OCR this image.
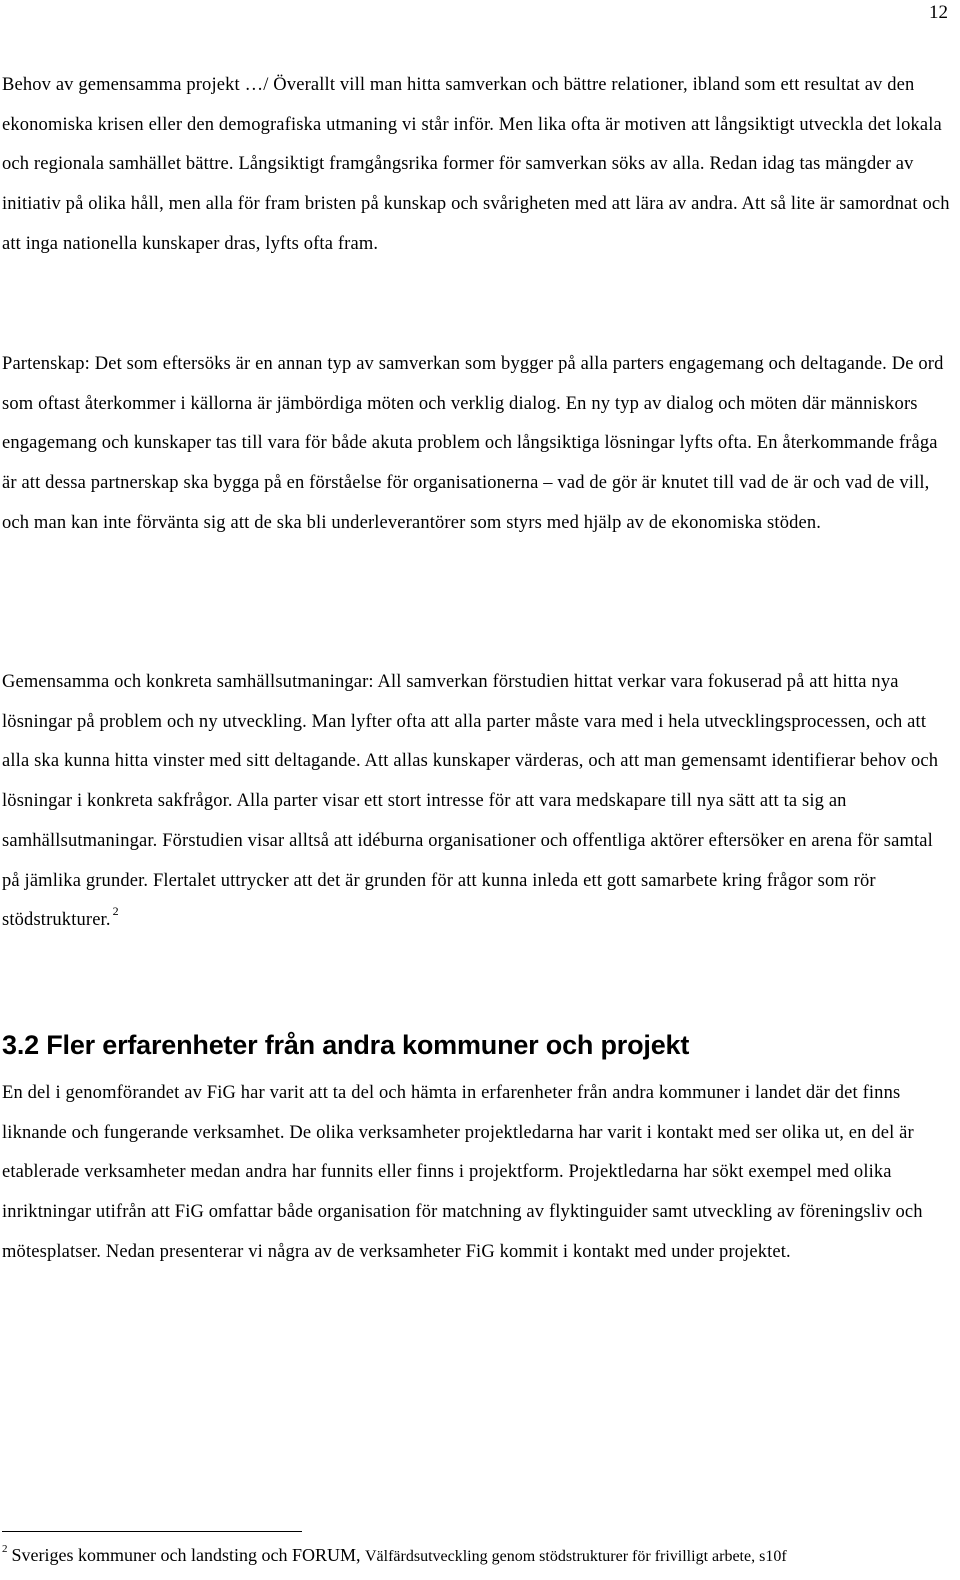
12

Behov av gemensamma projekt …/ Överallt vill man hitta samverkan och bättre relationer, ibland som ett resultat av den ekonomiska krisen eller den demografiska utmaning vi står inför. Men lika ofta är motiven att långsiktigt utveckla det lokala och regionala samhället bättre. Långsiktigt framgångsrika former för samverkan söks av alla. Redan idag tas mängder av initiativ på olika håll, men alla för fram bristen på kunskap och svårigheten med att lära av andra. Att så lite är samordnat och att inga nationella kunskaper dras, lyfts ofta fram.

Partenskap: Det som eftersöks är en annan typ av samverkan som bygger på alla parters engagemang och deltagande. De ord som oftast återkommer i källorna är jämbördiga möten och verklig dialog. En ny typ av dialog och möten där människors engagemang och kunskaper tas till vara för både akuta problem och långsiktiga lösningar lyfts ofta. En återkommande fråga är att dessa partnerskap ska bygga på en förståelse för organisationerna – vad de gör är knutet till vad de är och vad de vill, och man kan inte förvänta sig att de ska bli underleverantörer som styrs med hjälp av de ekonomiska stöden.

Gemensamma och konkreta samhällsutmaningar: All samverkan förstudien hittat verkar vara fokuserad på att hitta nya lösningar på problem och ny utveckling. Man lyfter ofta att alla parter måste vara med i hela utvecklingsprocessen, och att alla ska kunna hitta vinster med sitt deltagande. Att allas kunskaper värderas, och att man gemensamt identifierar behov och lösningar i konkreta sakfrågor. Alla parter visar ett stort intresse för att vara medskapare till nya sätt att ta sig an samhällsutmaningar. Förstudien visar alltså att idéburna organisationer och offentliga aktörer eftersöker en arena för samtal på jämlika grunder. Flertalet uttrycker att det är grunden för att kunna inleda ett gott samarbete kring frågor som rör stödstrukturer. $^2$

3.2 Fler erfarenheter från andra kommuner och projekt

En del i genomförandet av FiG har varit att ta del och hämta in erfarenheter från andra kommuner i landet där det finns liknande och fungerande verksamhet. De olika verksamheter projektledarna har varit i kontakt med ser olika ut, en del är etablerade verksamheter medan andra har funnits eller finns i projektform. Projektledarna har sökt exempel med olika inriktningar utifrån att FiG omfattar både organisation för matchning av flyktinguider samt utveckling av föreningsliv och mötesplatser. Nedan presenterar vi några av de verksamheter FiG kommit i kontakt med under projektet.

$^2$ Sveriges kommuner och landsting och FORUM, Välfärdsutveckling genom stödstrukturer för frivilligt arbete, s10f
